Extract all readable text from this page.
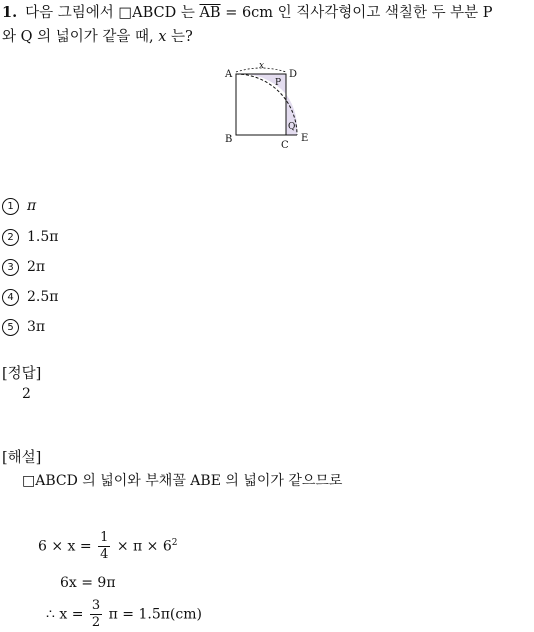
1. 다음 그림에서 □ABCD 는 $\overline{AB} = 6cm$ 인 직사각형이고 색칠한 두 부분 P
와 Q 의 넓이가 같을 때, x 는?
x
A	D
B
C
E
P
Q
1 π
2 1.5π
3 2π
4 2.5π
5 3π
[정답]
2
[해설]
□ABCD 의 넓이와 부채꼴 ABE 의 넓이가 같으므로
$6 \times x = \frac{1}{4} \times \pi \times 6^2$
6x = 9π
∴ $x = \frac{3}{2}$ π = 1.5π(cm)
